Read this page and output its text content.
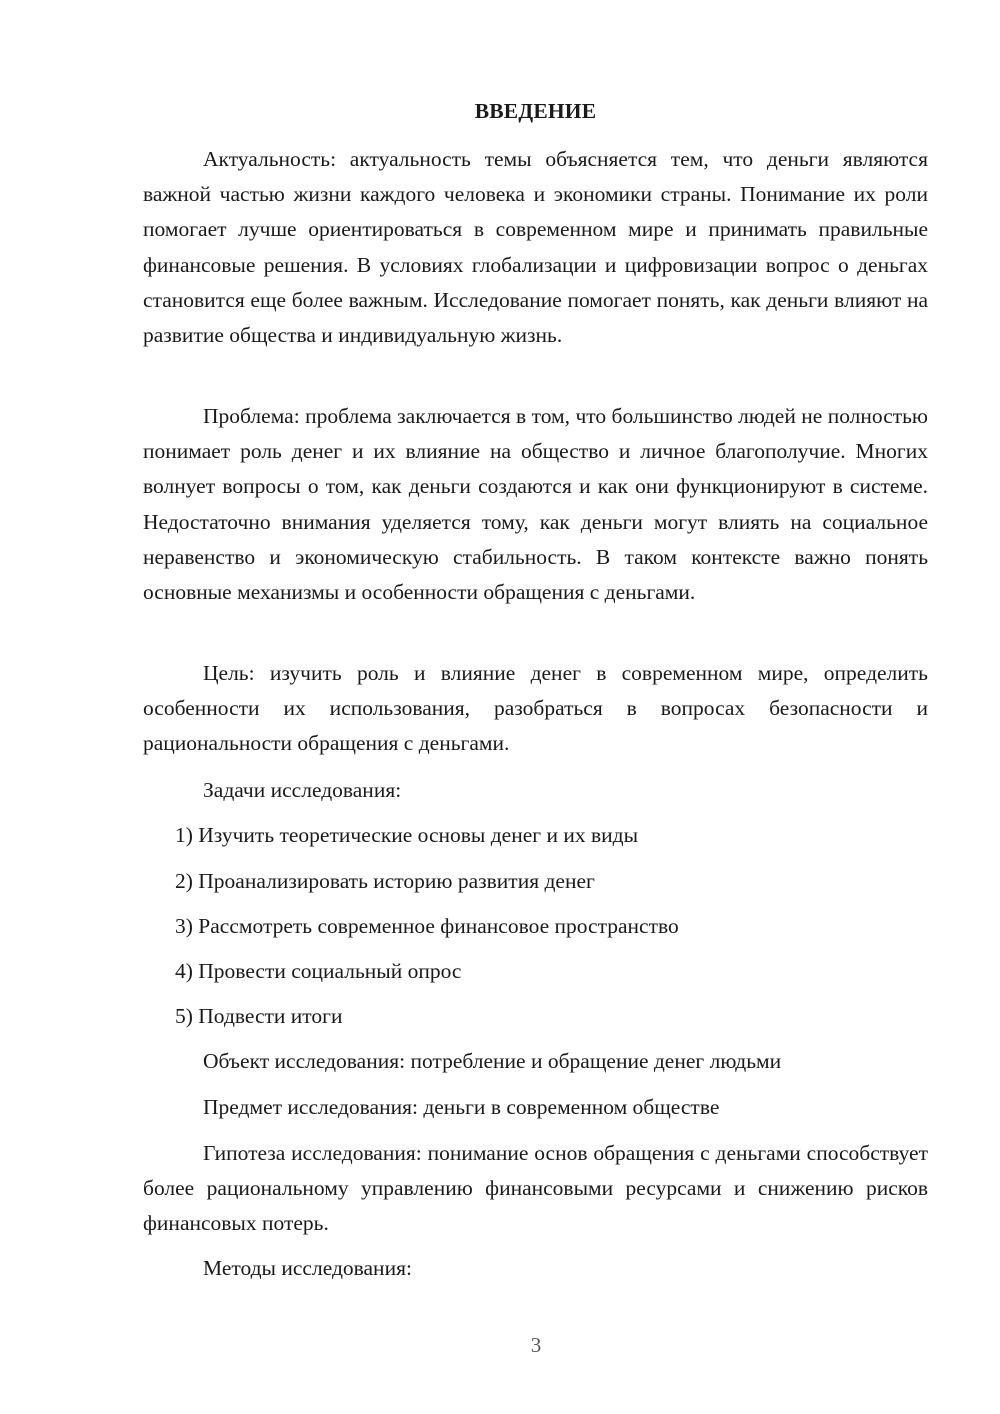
ВВЕДЕНИЕ

Актуальность: актуальность темы объясняется тем, что деньги являются важной частью жизни каждого человека и экономики страны. Понимание их роли помогает лучше ориентироваться в современном мире и принимать правильные финансовые решения. В условиях глобализации и цифровизации вопрос о деньгах становится еще более важным. Исследование помогает понять, как деньги влияют на развитие общества и индивидуальную жизнь.

Проблема: проблема заключается в том, что большинство людей не полностью понимает роль денег и их влияние на общество и личное благополучие. Многих волнует вопросы о том, как деньги создаются и как они функционируют в системе. Недостаточно внимания уделяется тому, как деньги могут влиять на социальное неравенство и экономическую стабильность. В таком контексте важно понять основные механизмы и особенности обращения с деньгами.

Цель: изучить роль и влияние денег в современном мире, определить особенности их использования, разобраться в вопросах безопасности и рациональности обращения с деньгами.

Задачи исследования:

1) Изучить теоретические основы денег и их виды

2) Проанализировать историю развития денег

3) Рассмотреть современное финансовое пространство

4) Провести социальный опрос

5) Подвести итоги

Объект исследования: потребление и обращение денег людьми

Предмет исследования: деньги в современном обществе

Гипотеза исследования: понимание основ обращения с деньгами способствует более рациональному управлению финансовыми ресурсами и снижению рисков финансовых потерь.

Методы исследования:

3
